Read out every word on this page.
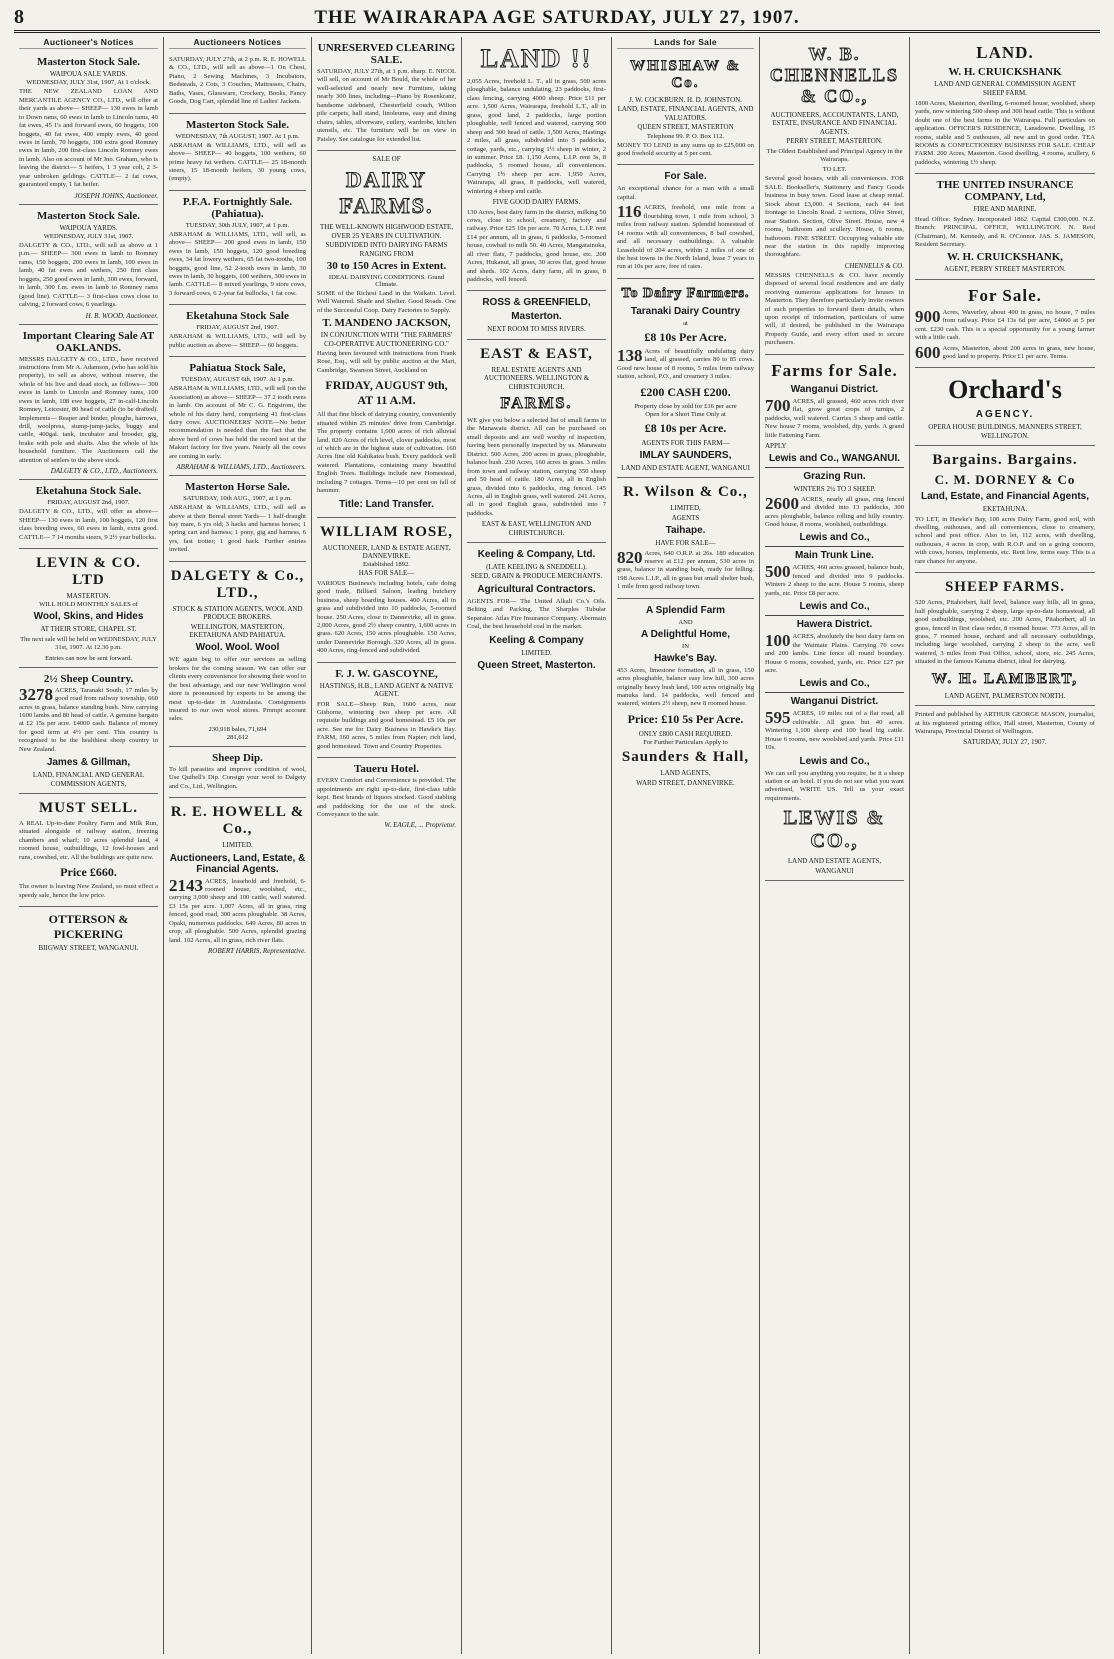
8	THE WAIRARAPA AGE SATURDAY, JULY 27, 1907.
Auctioneer's Notices
Masterton Stock Sale.
WAIPOUA SALE YARDS.
WEDNESDAY, JULY 31st, 1907, At 1 o'clock.
THE NEW ZEALAND LOAN AND MERCANTILE AGENCY CO., LTD., will offer at their yards as above— SHEEP— 130 ewes in lamb to Down rams, 60 ewes in lamb to Lincoln rams, 40 fat ewes, 45 1's and forward ewes, 60 hoggets, 100 hoggets, 40 fat ewes, 400 empty ewes, 40 good ewes in lamb, 70 hoggets, 100 extra good Romney ewes in lamb, 200 first-class Lincoln Romney ewes in lamb. Also on account of Mr Jno. Graham, who is leaving the district— 5 heifers, 1 3 year colt, 2 3-year unbroken geldings. CATTLE— 2 fat cows, guaranteed empty, 1 fat heifer.
JOSEPH JOHNS, Auctioneer.
Masterton Stock Sale.
WAIPOUA YARDS.
WEDNESDAY, JULY 31st, 1907.
DALGETY & CO., LTD., will sell as above at 1 p.m.— SHEEP— 300 ewes in lamb to Romney rams, 150 hoggets, 200 ewes in lamb, 100 ewes in lamb, 40 fat ewes and wethers, 250 first class hoggets, 250 good ewes in lamb, 300 ewes, forward, in lamb, 300 f.m. ewes in lamb to Romney rams (good line). CATTLE— 3 first-class cows close to calving, 2 forward cows, 6 yearlings.
H. B. WOOD, Auctioneer.
Important Clearing Sale AT OAKLANDS.
MESSRS DALGETY & CO., LTD., have received instructions from Mr A. Adamson, (who has sold his property), to sell as above, without reserve, the whole of his live and dead stock, as follows— 300 ewes in lamb to Lincoln and Romney rams, 100 ewes in lamb, 108 ewe hoggets, 27 in-calf-Lincoln Romney, Leicester, 80 head of cattle (to be drafted). Implements— Reaper and binder, ploughs, harrows, drill, woolpress, stump-jump-jacks, buggy and cattle, 400gal. tank, incubator and brooder, gig, brake with pole and shafts. Also the whole of his household furniture. The Auctioneers call the attention of settlers to the above stock.
DALGETY & CO., LTD., Auctioneers.
Eketahuna Stock Sale.
FRIDAY, AUGUST 2nd, 1907.
DALGETY & CO., LTD., will offer as above— SHEEP— 130 ewes in lamb, 100 hoggets, 120 first class breeding ewes, 60 ewes in lamb, extra good. CATTLE— 7 14 months steers, 9 2½ year bullocks.
LEVIN & CO. LTD
MASTERTON.
WILL HOLD MONTHLY SALES of
Wool, Skins, and Hides
AT THEIR STORE, CHAPEL ST.
The next sale will be held on WEDNESDAY, JULY 31st, 1907. At 12.30 p.m.
Entries can now be sent forward.
2½ Sheep Country.
3278 ACRES, Taranaki South, 17 miles by good road from railway township, 660 acres in grass, balance standing bush. Now carrying 1600 lambs and 80 head of cattle. A genuine bargain at £2 15s per acre. £4000 cash. Balance of money for good term at 4½ per cent. This country is recognised to be the healthiest sheep country in New Zealand.
James & Gillman,
LAND, FINANCIAL AND GENERAL COMMISSION AGENTS,
MUST SELL.
A REAL Up-to-date Poultry Farm and Milk Run, situated alongside of railway station, freezing chambers and wharf; 10 acres splendid land, 4 roomed house, outbuildings, 12 fowl-houses and runs, cowshed, etc. All the buildings are quite new.
Price £660.
The owner is leaving New Zealand, so must effect a speedy sale, hence the low price.
OTTERSON & PICKERING
BIIGWAY STREET, WANGANUI.
Auctioneers Notices
SATURDAY, JULY 27th, at 2 p.m. R. E. HOWELL & CO., LTD., will sell as above—1 On Chest, Piano, 2 Sewing Machines, 3 Incubators, Bedsteads, 2 Cots, 3 Couches, Mattrasses, Chairs, Baths, Vases, Glassware, Crockery, Books, Fancy Goods, Dog Cart, splendid line of Ladies' Jackets.
Masterton Stock Sale.
WEDNESDAY, 7th AUGUST, 1907. At 1 p.m.
ABRAHAM & WILLIAMS, LTD., will sell as above— SHEEP— 40 hoggets, 100 wethers, 60 prime heavy fat wethers. CATTLE— 25 18-month steers, 15 18-month heifers, 30 young cows, (empty).
P.F.A. Fortnightly Sale. (Pahiatua).
TUESDAY, 30th JULY, 1907, at 1 p.m.
ABRAHAM & WILLIAMS, LTD., will sell, as above— SHEEP— 200 good ewes in lamb, 150 ewes in lamb, 150 hoggets, 120 good breeding ewes, 34 fat lowery wethers, 65 fat two-tooths, 100 hoggets, good line, 52 2-tooth ewes in lamb, 30 ewes in lamb, 30 hoggets, 100 wethers, 300 ewes in lamb. CATTLE— 8 mixed yearlings, 9 store cows, 3 forward cows, 6 2-year fat bullocks, 1 fat cow.
Eketahuna Stock Sale
FRIDAY, AUGUST 2nd, 1907.
ABRAHAM & WILLIAMS, LTD., will sell by public auction as above— SHEEP— 60 hoggets.
Pahiatua Stock Sale,
TUESDAY, AUGUST 6th, 1907. At 1 p.m.
ABRAHAM & WILLIAMS, LTD., will sell (on the Association) as above— SHEEP— 37 2 tooth ewes in lamb. On account of Mr C. G. Engstrom, the whole of his dairy herd, comprising 41 first-class dairy cows. AUCTIONEERS' NOTE—No better recommendation is needed than the fact that the above herd of cows has held the record test at the Makuri factory for five years. Nearly all the cows are coming in early.
ABRAHAM & WILLIAMS, LTD., Auctioneers.
Masterton Horse Sale.
SATURDAY, 10th AUG., 1907, at 1 p.m.
ABRAHAM & WILLIAMS, LTD., will sell as above at their Bereal street Yards— 1 half-draught bay mare, 6 yrs old; 3 hacks and harness horses; 1 spring cart and harness; 1 pony, gig and harness, 6 yrs, fast trotter; 1 good hack. Further entries invited.
DALGETY & Co., LTD.,
STOCK & STATION AGENTS, WOOL AND PRODUCE BROKERS.
WELLINGTON, MASTERTON, EKETAHUNA AND PAHIATUA.
Wool. Wool. Wool
WE again beg to offer our services as selling brokers for the coming season. We can offer our clients every convenience for showing their wool to the best advantage, and our new Wellington wool store is pronounced by experts to be among the most up-to-date in Australasia. Consignments insured to our own wool stores. Prompt account sales.
230,918 bales, 71,694
281,612
Sheep Dip.
To kill parasites and improve condition of wool, Use Quibell's Dip. Consign your wool to Dalgety and Co., Ltd., Wellington.
R. E. HOWELL & Co.,
LIMITED.
Auctioneers, Land, Estate, & Financial Agents.
2143 ACRES, leasehold and freehold, 6-roomed house, woolshed, etc., carrying 3,000 sheep and 100 cattle, well watered. £3 15s per acre. 1,007 Acres, all in grass, ring fenced, good road, 300 acres ploughable. 38 Acres, Opaki, numerous paddocks. 649 Acres, 80 acres in crop, all ploughable. 500 Acres, splendid grazing land. 102 Acres, all in grass, rich river flats.
ROBERT HARRIS, Representative.
UNRESERVED CLEARING SALE.
SATURDAY, JULY 27th, at 1 p.m. sharp. E. NICOL will sell, on account of Mr Bould, the whole of her well-selected and nearly new Furniture, taking nearly 300 lines, including—Piano by Rosenkranz, handsome sideboard, Chesterfield couch, Wilton pile carpets, hall stand, linoleums, easy and dining chairs, tables, silverware, cutlery, wardrobe, kitchen utensils, etc. The furniture will be on view in Paisley. See catalogue for extended list.
SALE OF
DAIRY FARMS.
THE WELL-KNOWN HIGHWOOD ESTATE, OVER 25 YEARS IN CULTIVATION.
SUBDIVIDED INTO DAIRYING FARMS RANGING FROM
30 to 150 Acres in Extent.
IDEAL DAIRYING CONDITIONS. Grand Climate.
SOME of the Richest Land in the Waikato. Level. Well Watered. Shade and Shelter. Good Roads. One of the Successful Coop. Dairy Factories to Supply.
T. MANDENO JACKSON,
IN CONJUNCTION WITH "THE FARMERS' CO-OPERATIVE AUCTIONEERING CO."
Having been favoured with instructions from Frank Rose, Esq., will sell by public auction at the Mart, Cambridge, Swanson Street, Auckland on
FRIDAY, AUGUST 9th, AT 11 A.M.
All that fine block of dairying country, conveniently situated within 25 minutes' drive from Cambridge. The property contains 1,000 acres of rich alluvial land. 820 Acres of rich level, clover paddocks, most of which are in the highest state of cultivation. 160 Acres fine old Kahikatea bush. Every paddock well watered. Plantations, containing many beautiful English Trees. Buildings include new Homestead, including 7 cottages. Terms—10 per cent on fall of hammer.
Title: Land Transfer.
WILLIAM ROSE,
AUCTIONEER, LAND & ESTATE AGENT, DANNEVIRKE.
Established 1892.
HAS FOR SALE—
VARIOUS Business's including hotels, cafe doing good trade, Billiard Saloon, leading butchery business, sheep boarding houses. 400 Acres, all in grass and subdivided into 10 paddocks, 5-roomed house. 250 Acres, close to Dannevirke, all in grass. 2,000 Acres, good 2½ sheep country, 1,600 acres in grass. 620 Acres, 150 acres ploughable. 150 Acres, under Dannevirke Borough. 320 Acres, all in grass. 400 Acres, ring-fenced and subdivided.
F. J. W. GASCOYNE,
HASTINGS, H.B., LAND AGENT & NATIVE AGENT.
FOR SALE—Sheep Run, 1600 acres, near Gisborne, wintering two sheep per acre. All requisite buildings and good homestead. £5 10s per acre. See me for Dairy Business in Hawke's Bay. FARM, 160 acres, 5 miles from Napier; rich land, good homestead. Town and Country Properties.
Taueru Hotel.
EVERY Comfort and Convenience is provided. The appointments are right up-to-date, first-class table kept. Best brands of liquors stocked. Good stabling and paddocking for the use of the stock. Conveyance to the sale.
W. EAGLE, ... Proprietor.
LAND !!
2,055 Acres, freehold L. T., all in grass, 500 acres ploughable, balance undulating, 23 paddocks, first-class fencing, carrying 4000 sheep. Price £11 per acre. 1,500 Acres, Wairarapa, freehold L.T., all in grass, good land, 2 paddocks, large portion ploughable, well fenced and watered, carrying 900 sheep and 300 head of cattle. 1,500 Acres, Hastings 2 miles, all grass, subdivided into 5 paddocks, cottage, yards, etc., carrying 1½ sheep in winter, 2 in summer. Price £8. 1,150 Acres, L.I.P. rent 3s, 8 paddocks, 5 roomed house, all conveniences. Carrying 1½ sheep per acre. 1,950 Acres, Wairarapa, all grass, 8 paddocks, well watered, wintering 4 sheep and cattle.
FIVE GOOD DAIRY FARMS.
130 Acres, best dairy farm in the district, milking 50 cows, close to school, creamery, factory and railway. Price £25 10s per acre. 70 Acres, L.I.P. rent £14 per annum, all in grass, 6 paddocks, 5-roomed house, cowbail to milk 50. 40 Acres, Mangatainoka, all river flats, 7 paddocks, good house, etc. 200 Acres, Hukanui, all grass, 30 acres flat, good house and sheds. 102 Acres, dairy farm, all in grass, 8 paddocks, well fenced.
ROSS & GREENFIELD,
Masterton.
NEXT ROOM TO MISS RIVERS.
EAST & EAST,
REAL ESTATE AGENTS AND AUCTIONEERS. WELLINGTON & CHRISTCHURCH.
FARMS.
WE give you below a selected list of small farms in the Manawatu district. All can be purchased on small deposits and are well worthy of inspection, having been personally inspected by us. Manawatu District. 500 Acres, 200 acres in grass, ploughable, balance bush. 230 Acres, 160 acres in grass. 3 miles from town and railway station, carrying 350 sheep and 50 head of cattle. 180 Acres, all in English grass, divided into 6 paddocks, ring fenced. 145 Acres, all in English grass, well watered. 241 Acres, all in good English grass, subdivided into 7 paddocks.
EAST & EAST, WELLINGTON AND CHRISTCHURCH.
Keeling & Company, Ltd.
(LATE KEELING & SNEDDELL).
SEED, GRAIN & PRODUCE MERCHANTS.
Agricultural Contractors.
AGENTS FOR— The United Alkali Co.'s Oils. Belting and Packing. The Sharples Tubular Separator. Atlas Fire Insurance Company. Abermain Coal, the best household coal in the market.
Keeling & Company
LIMITED.
Queen Street, Masterton.
Lands for Sale
WHISHAW & Co.
J. W. COCKBURN. H. D. JOHNSTON.
LAND, ESTATE, FINANCIAL AGENTS, AND VALUATORS.
QUEEN STREET, MASTERTON
Telephone 99. P. O. Box 112.
MONEY TO LEND in any sums up to £25,000 on good freehold security at 5 per cent.
For Sale.
An exceptional chance for a man with a small capital.
116 ACRES, freehold, one mile from a flourishing town, 1 mile from school, 3 miles from railway station. Splendid homestead of 14 rooms with all conveniences, 8 bail cowshed, and all necessary outbuildings. A valuable Leasehold of 204 acres, within 2 miles of one of the best towns in the North Island, lease 7 years to run at 10s per acre, free of rates.
To Dairy Farmers.
Taranaki Dairy Country
at
£8 10s Per Acre.
138 Acres of beautifully undulating dairy land, all grassed, carries 80 to 85 cows. Good new house of 8 rooms, 5 miles from railway station, school, P.O., and creamery 3 miles.
£200 CASH £200.
Property close by sold for £16 per acre
Open for a Short Time Only at
£8 10s per Acre.
AGENTS FOR THIS FARM—
IMLAY SAUNDERS,
LAND AND ESTATE AGENT, WANGANUI
R. Wilson & Co.,
LIMITED,
AGENTS
Taihape.
HAVE FOR SALE—
820 Acres, 640 O.R.P. at 26s. 180 education reserve at £12 per annum, 530 acres in grass, balance in standing bush, ready for felling. 198 Acres L.I.P., all in grass but small shelter bush, 1 mile from good railway town.
A Splendid Farm
AND
A Delightful Home,
IN
Hawke's Bay.
453 Acres, limestone formation, all in grass, 150 acres ploughable, balance easy low hill, 300 acres originally heavy bush land, 100 acres originally big manuka land. 14 paddocks, well fenced and watered, winters 2½ sheep, new 8 roomed house.
Price: £10 5s Per Acre.
ONLY £800 CASH REQUIRED.
For Further Particulars Apply to
Saunders & Hall,
LAND AGENTS,
WARD STREET, DANNEVIRKE.
W. B. CHENNELLS & CO.,
AUCTIONEERS, ACCOUNTANTS, LAND, ESTATE, INSURANCE AND FINANCIAL AGENTS.
PERRY STREET, MASTERTON.
The Oldest Established and Principal Agency in the Wairarapa.
TO LET.
Several good houses, with all conveniences. FOR SALE. Bookseller's, Stationery and Fancy Goods business in busy town. Good lease at cheap rental. Stock about £3,000. 4 Sections, each 44 feet frontage to Lincoln Road. 2 sections, Olive Street, near Station. Section, Olive Street. House, new 4 rooms, bathroom and scullery. House, 6 rooms, bathroom. FINE STREET. Occupying valuable site near the station in this rapidly improving thoroughfare.
CHENNELLS & CO.
MESSRS CHENNELLS & CO. have recently disposed of several local residences and are daily receiving numerous applications for houses in Masterton. They therefore particularly invite owners of such properties to forward them details, when upon receipt of information, particulars of same will, if desired, be published in the Wairarapa Property Guide, and every effort used to secure purchasers.
Farms for Sale.
Wanganui District.
700 ACRES, all grassed, 460 acres rich river flat, grow great crops of turnips, 2 paddocks, well watered. Carries 3 sheep and cattle. New house 7 rooms, woolshed, dip, yards. A grand little Fattening Farm.
APPLY
Lewis and Co., WANGANUI.
Grazing Run.
WINTERS 2½ TO 3 SHEEP.
2600 ACRES, nearly all grass, ring fenced and divided into 13 paddocks, 300 acres ploughable, balance rolling and hilly country. Good house, 8 rooms, woolshed, outbuildings.
Lewis and Co.,
Main Trunk Line.
500 ACRES, 460 acres grassed, balance bush, fenced and divided into 9 paddocks. Winters 2 sheep to the acre. House 5 rooms, sheep yards, etc. Price £8 per acre.
Lewis and Co.,
Hawera District.
100 ACRES, absolutely the best dairy farm on the Waimate Plains. Carrying 70 cows and 200 lambs. Line fence all round boundary. House 6 rooms, cowshed, yards, etc. Price £27 per acre.
Lewis and Co.,
Wanganui District.
595 ACRES, 10 miles out of a flat road, all cultivable. All grass but 40 acres. Wintering 1,100 sheep and 100 head big cattle. House 6 rooms, new woolshed and yards. Price £11 10s.
Lewis and Co.,
We can sell you anything you require, be it a sheep station or an hotel. If you do not see what you want advertised, WRITE US. Tell us your exact requirements.
LEWIS & CO.,
LAND AND ESTATE AGENTS,
WANGANUI
LAND.
W. H. CRUICKSHANK
LAND AND GENERAL COMMISSION AGENT
SHEEP FARM.
1800 Acres, Masterton, dwelling, 6-roomed house, woolshed, sheep yards, now wintering 500 sheep and 300 head cattle. This is without doubt one of the best farms in the Wairarapa. Full particulars on application. OFFICER'S RESIDENCE, Lansdowne. Dwelling, 15 rooms, stable and 5 outhouses, all new and in good order. TEA ROOMS & CONFECTIONERY BUSINESS FOR SALE. CHEAP FARM. 200 Acres, Masterton. Good dwelling, 4 rooms, scullery, 6 paddocks, wintering 1½ sheep.
THE UNITED INSURANCE COMPANY, Ltd,
FIRE AND MARINE.
Head Office: Sydney. Incorporated 1862. Capital £300,000. N.Z. Branch: PRINCIPAL OFFICE, WELLINGTON. N. Reid (Chairman), M. Kennedy, and R. O'Connor. JAS. S. JAMESON, Resident Secretary.
W. H. CRUICKSHANK,
AGENT, PERRY STREET MASTERTON.
For Sale.
900 Acres, Waverley, about 400 in grass, no house, 7 miles from railway. Price £4 13s 6d per acre, £4060 at 5 per cent. £230 cash. This is a special opportunity for a young farmer with a little cash.
600 Acres, Masterton, about 200 acres in grass, new house, good land to property. Price £1 per acre. Terms.
Orchard's
AGENCY.
OPERA HOUSE BUILDINGS, MANNERS STREET, WELLINGTON.
Bargains. Bargains.
C. M. DORNEY & Co
Land, Estate, and Financial Agents,
EKETAHUNA.
TO LET, in Hawke's Bay, 100 acres Dairy Farm, good soil, with dwelling, outhouses, and all conveniences, close to creamery, school and post office. Also to let, 112 acres, with dwelling, outhouses, 4 acres in crop, with R.O.P. and on a going concern, with cows, horses, implements, etc. Rent low, terms easy. This is a rare chance for anyone.
SHEEP FARMS.
520 Acres, Pitahorbert, half level, balance easy hills, all in grass, half ploughable, carrying 2 sheep, large up-to-date homestead, all good outbuildings, woolshed, etc. 200 Acres, Pitahorbert, all in grass, fenced in first class order, 8 roomed house. 773 Acres, all in grass, 7 roomed house, orchard and all necessary outbuildings, including large woolshed, carrying 2 sheep to the acre, well watered, 3 miles from Post Office, school, store, etc. 245 Acres, situated in the famous Kaiuma district, ideal for dairying.
W. H. LAMBERT,
LAND AGENT, PALMERSTON NORTH.
Printed and published by ARTHUR GEORGE MASON, journalist, at his registered printing office, Hall street, Masterton, County of Wairarapa, Provincial District of Wellington.
SATURDAY, JULY 27, 1907.
